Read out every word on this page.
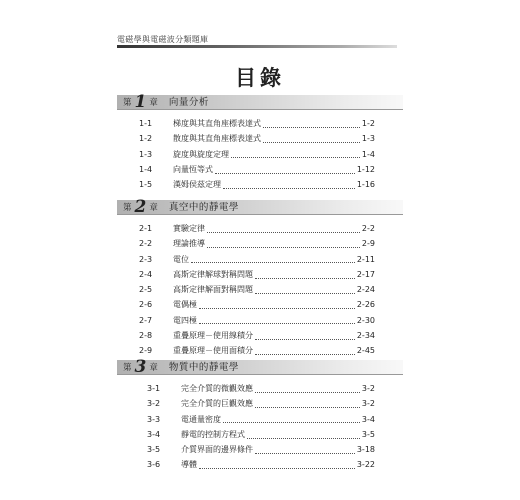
電磁學與電磁波分類題庫
目錄
第 1 章 向量分析
1-1	梯度與其直角座標表達式	1-2
1-2	散度與其直角座標表達式	1-3
1-3	旋度與旋度定理	1-4
1-4	向量恆等式	1-12
1-5	漢姆侯茲定理	1-16
第 2 章 真空中的靜電學
2-1	實驗定律	2-2
2-2	理論推導	2-9
2-3	電位	2-11
2-4	高斯定律解球對稱問題	2-17
2-5	高斯定律解面對稱問題	2-24
2-6	電偶極	2-26
2-7	電四極	2-30
2-8	重疊原理－使用線積分	2-34
2-9	重疊原理－使用面積分	2-45
第 3 章 物質中的靜電學
3-1	完全介質的微觀效應	3-2
3-2	完全介質的巨觀效應	3-2
3-3	電通量密度	3-4
3-4	靜電的控制方程式	3-5
3-5	介質界面的邊界條件	3-18
3-6	導體	3-22
